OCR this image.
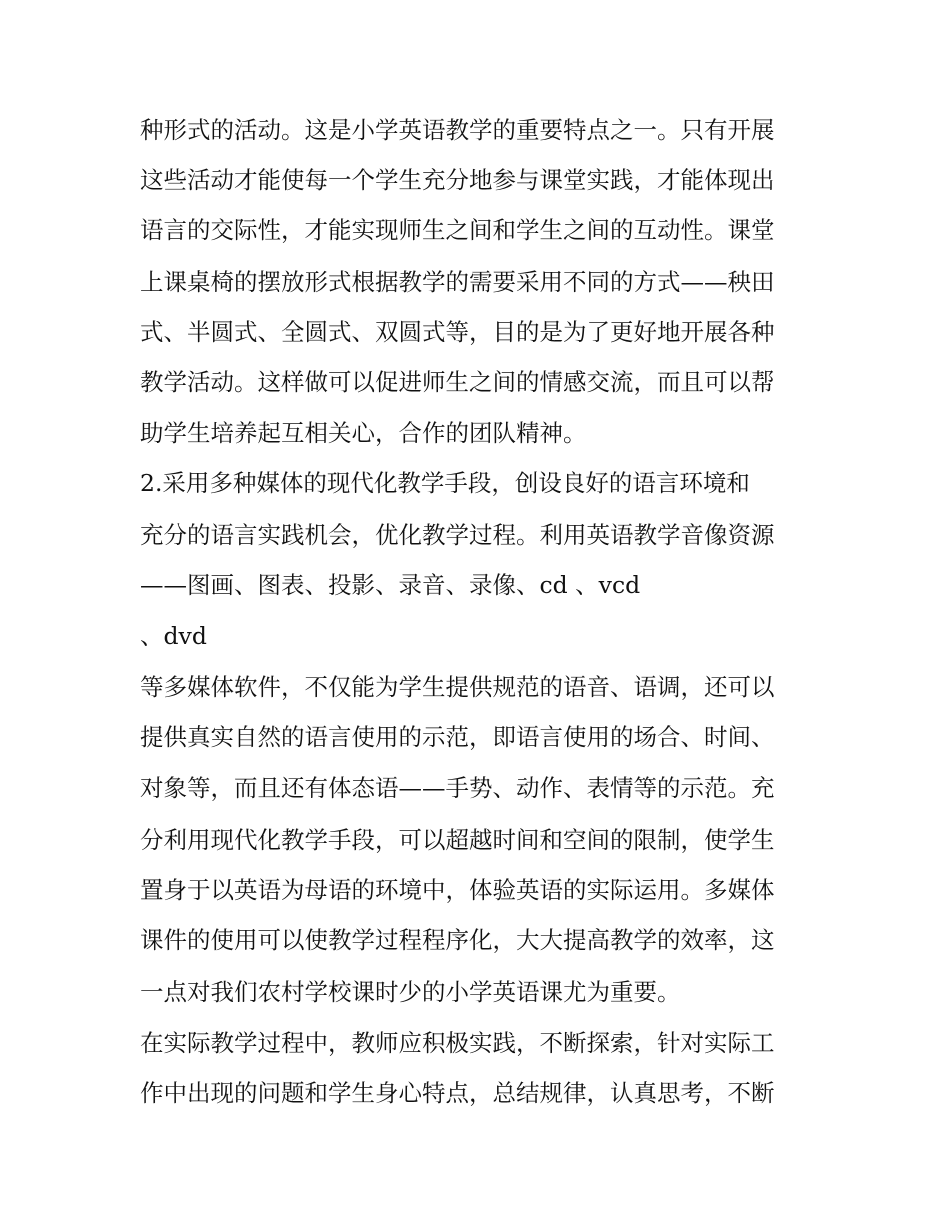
种形式的活动。这是小学英语教学的重要特点之一。只有开展
这些活动才能使每一个学生充分地参与课堂实践，才能体现出
语言的交际性，才能实现师生之间和学生之间的互动性。课堂
上课桌椅的摆放形式根据教学的需要采用不同的方式——秧田
式、半圆式、全圆式、双圆式等，目的是为了更好地开展各种
教学活动。这样做可以促进师生之间的情感交流，而且可以帮
助学生培养起互相关心，合作的团队精神。
2.采用多种媒体的现代化教学手段，创设良好的语言环境和
充分的语言实践机会，优化教学过程。利用英语教学音像资源
——图画、图表、投影、录音、录像、cd 、vcd
、dvd
等多媒体软件，不仅能为学生提供规范的语音、语调，还可以
提供真实自然的语言使用的示范，即语言使用的场合、时间、
对象等，而且还有体态语——手势、动作、表情等的示范。充
分利用现代化教学手段，可以超越时间和空间的限制，使学生
置身于以英语为母语的环境中，体验英语的实际运用。多媒体
课件的使用可以使教学过程程序化，大大提高教学的效率，这
一点对我们农村学校课时少的小学英语课尤为重要。
在实际教学过程中，教师应积极实践，不断探索，针对实际工
作中出现的问题和学生身心特点，总结规律，认真思考，不断
